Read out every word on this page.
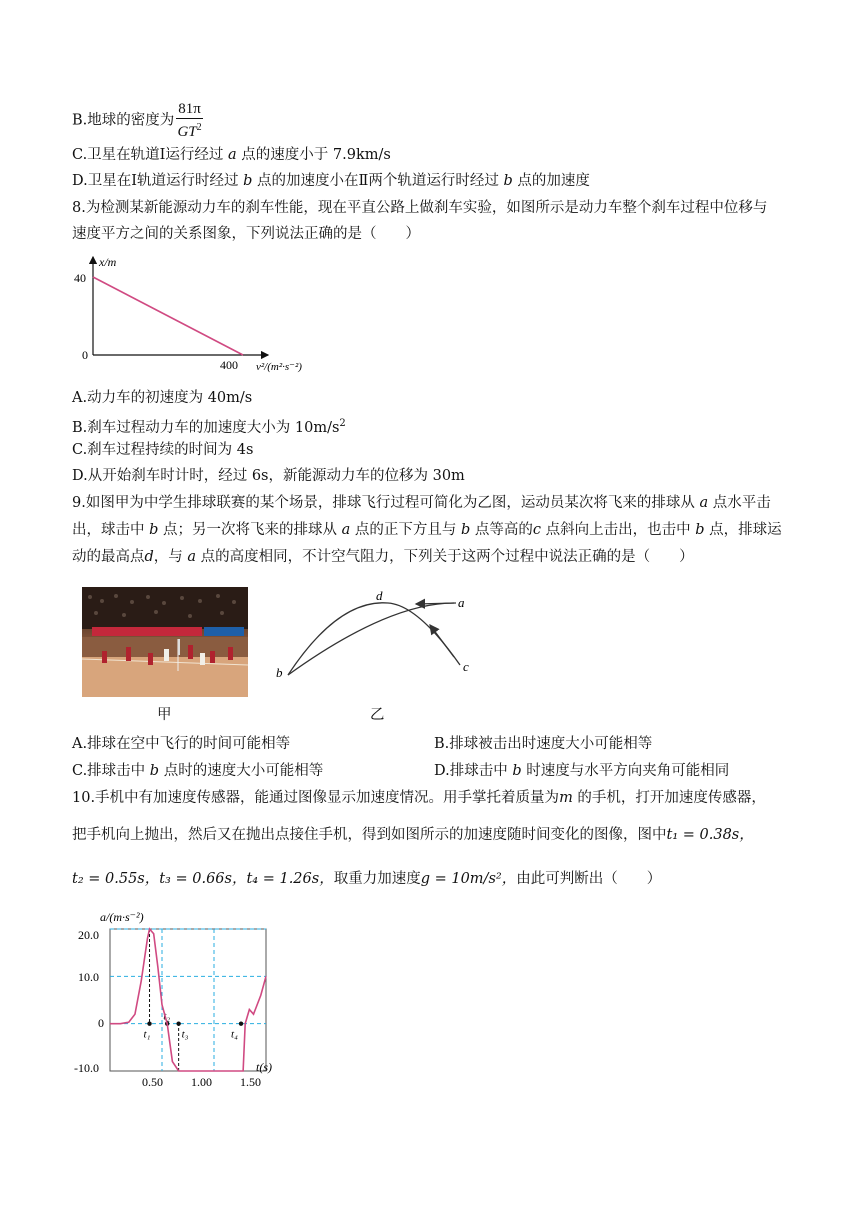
B.地球的密度为 $\frac{81\pi}{GT^2}$
C.卫星在轨道Ⅰ运行经过 a 点的速度小于 7.9km/s
D.卫星在Ⅰ轨道运行时经过 b 点的加速度小在Ⅱ两个轨道运行时经过 b 点的加速度
8.为检测某新能源动力车的刹车性能，现在平直公路上做刹车实验，如图所示是动力车整个刹车过程中位移与
速度平方之间的关系图象，下列说法正确的是（　　）
x/m
40
0
400 v²/(m²·s⁻²)
A.动力车的初速度为 40m/s
B.刹车过程动力车的加速度大小为 $10m/s^2$
C.刹车过程持续的时间为 4s
D.从开始刹车时计时，经过 6s，新能源动力车的位移为 30m
9.如图甲为中学生排球联赛的某个场景，排球飞行过程可简化为乙图，运动员某次将飞来的排球从 a 点水平击
出，球击中 b 点；另一次将飞来的排球从 a 点的正下方且与 b 点等高的c 点斜向上击出，也击中 b 点，排球运
动的最高点d，与 a 点的高度相同，不计空气阻力，下列关于这两个过程中说法正确的是（　　）
甲
d	a
b	c
乙
A.排球在空中飞行的时间可能相等	B.排球被击出时速度大小可能相等
C.排球击中 b 点时的速度大小可能相等	D.排球击中 b 时速度与水平方向夹角可能相同
10.手机中有加速度传感器，能通过图像显示加速度情况。用手掌托着质量为m 的手机，打开加速度传感器，
把手机向上抛出，然后又在抛出点接住手机，得到如图所示的加速度随时间变化的图像，图中t₁ = 0.38s，
t₂ = 0.55s，t₃ = 0.66s，t₄ = 1.26s，取重力加速度g = 10m/s²，由此可判断出（　　）
a/(m·s⁻²)
20.0
10.0
0
-10.0
0.50 1.00 1.50
t(s)
t₁
t₂
t₃	t₄
